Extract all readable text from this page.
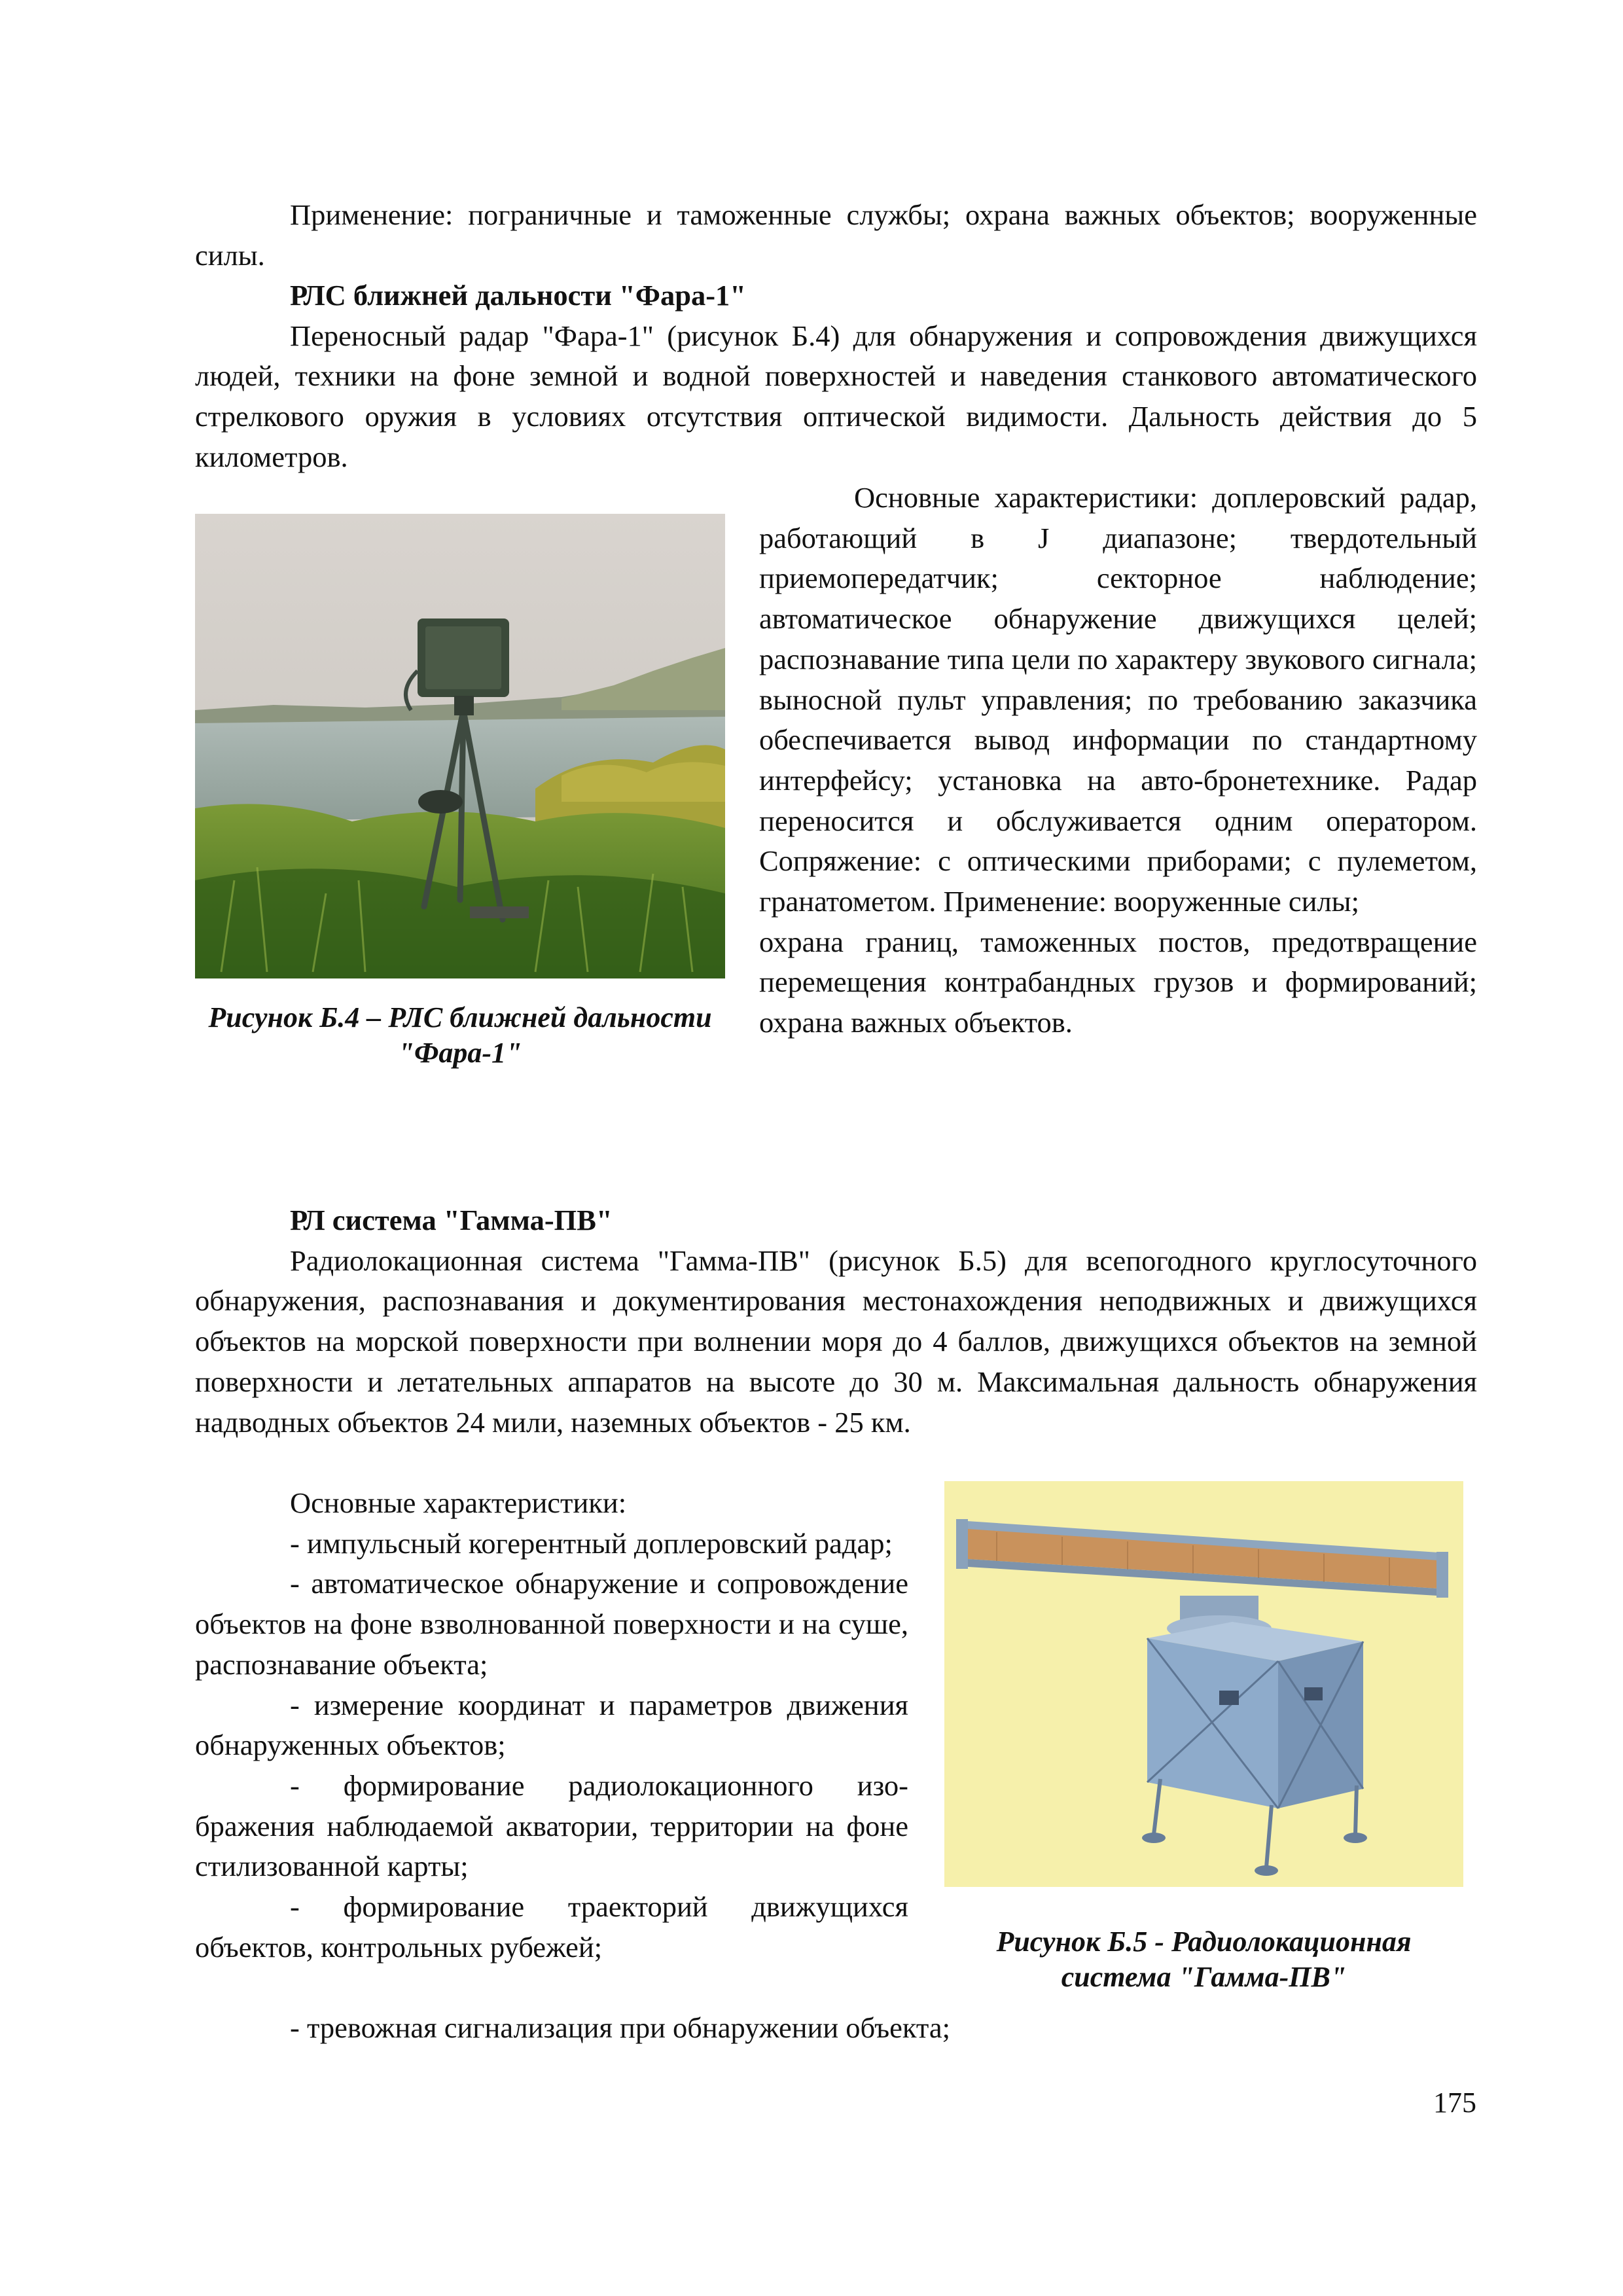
Применение: пограничные и таможенные службы; охрана важных объектов; вооруженные силы.

РЛС ближней дальности "Фара-1"

Переносный радар "Фара-1" (рисунок Б.4) для обнаружения и сопровождения движущихся людей, техники на фоне земной и водной поверхностей и наведения станкового автоматического стрелкового оружия в условиях отсутствия оптической видимости. Дальность действия до 5 километров.

Рисунок Б.4 – РЛС ближней дальности "Фара-1"

Основные характеристики: доплеровский радар, работающий в J диапазоне; твердотельный приемопередатчик; секторное наблюдение; автоматическое обнаружение движущихся целей; распознавание типа цели по характеру звукового сигнала; выносной пульт управления; по требованию заказчика обеспечивается вывод информации по стандартному интерфейсу; установка на авто-бронетехнике. Радар переносится и обслуживается одним оператором. Сопряжение: с оптическими приборами; с пулеметом, гранатометом. Применение: вооруженные силы;

охрана границ, таможенных постов, предотвращение перемещения контрабандных грузов и формирований; охрана важных объектов.

РЛ система "Гамма-ПВ"

Радиолокационная система "Гамма-ПВ" (рисунок Б.5) для всепогодного круглосуточного обнаружения, распознавания и документирования местонахождения неподвижных и движущихся объектов на морской поверхности при волнении моря до 4 баллов, движущихся объектов на земной поверхности и летательных аппаратов на высоте до 30 м. Максимальная дальность обнаружения надводных объектов 24 мили, наземных объектов - 25 км.

Основные характеристики:

- импульсный когерентный доплеровский радар;

- автоматическое обнаружение и сопровождение объектов на фоне взволнованной поверхности и на суше, распознавание объекта;

- измерение координат и параметров движения обнаруженных объектов;

- формирование радиолокационного изображения наблюдаемой акватории, территории на фоне стилизованной карты;

- формирование траекторий движущихся объектов, контрольных рубежей;

- тревожная сигнализация при обнаружении объекта;

Рисунок Б.5 - Радиолокационная система "Гамма-ПВ"

175
